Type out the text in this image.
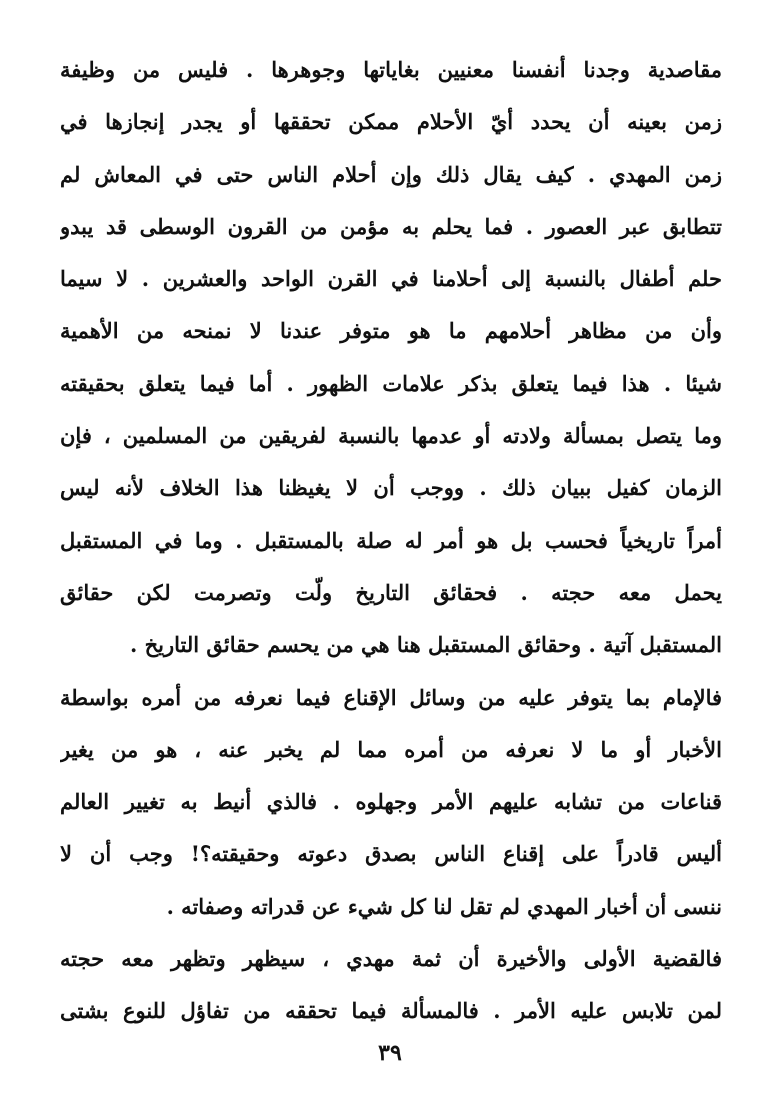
مقاصدية وجدنا أنفسنا معنيين بغاياتها وجوهرها . فليس من وظيفة
زمن بعينه أن يحدد أيّ الأحلام ممكن تحققها أو يجدر إنجازها في
زمن المهدي . كيف يقال ذلك وإن أحلام الناس حتى في المعاش لم
تتطابق عبر العصور . فما يحلم به مؤمن من القرون الوسطى قد يبدو
حلم أطفال بالنسبة إلى أحلامنا في القرن الواحد والعشرين . لا سيما
وأن من مظاهر أحلامهم ما هو متوفر عندنا لا نمنحه من الأهمية
شيئا . هذا فيما يتعلق بذكر علامات الظهور . أما فيما يتعلق بحقيقته
وما يتصل بمسألة ولادته أو عدمها بالنسبة لفريقين من المسلمين ، فإن
الزمان كفيل ببيان ذلك . ووجب أن لا يغيظنا هذا الخلاف لأنه ليس
أمراً تاريخياً فحسب بل هو أمر له صلة بالمستقبل . وما في المستقبل
يحمل معه حجته . فحقائق التاريخ ولّت وتصرمت لكن حقائق
المستقبل آتية . وحقائق المستقبل هنا هي من يحسم حقائق التاريخ .
فالإمام بما يتوفر عليه من وسائل الإقناع فيما نعرفه من أمره بواسطة
الأخبار أو ما لا نعرفه من أمره مما لم يخبر عنه ، هو من يغير
قناعات من تشابه عليهم الأمر وجهلوه . فالذي أنيط به تغيير العالم
أليس قادراً على إقناع الناس بصدق دعوته وحقيقته؟! وجب أن لا
ننسى أن أخبار المهدي لم تقل لنا كل شيء عن قدراته وصفاته .
فالقضية الأولى والأخيرة أن ثمة مهدي ، سيظهر وتظهر معه حجته
لمن تلابس عليه الأمر . فالمسألة فيما تحققه من تفاؤل للنوع بشتى
٣٩
